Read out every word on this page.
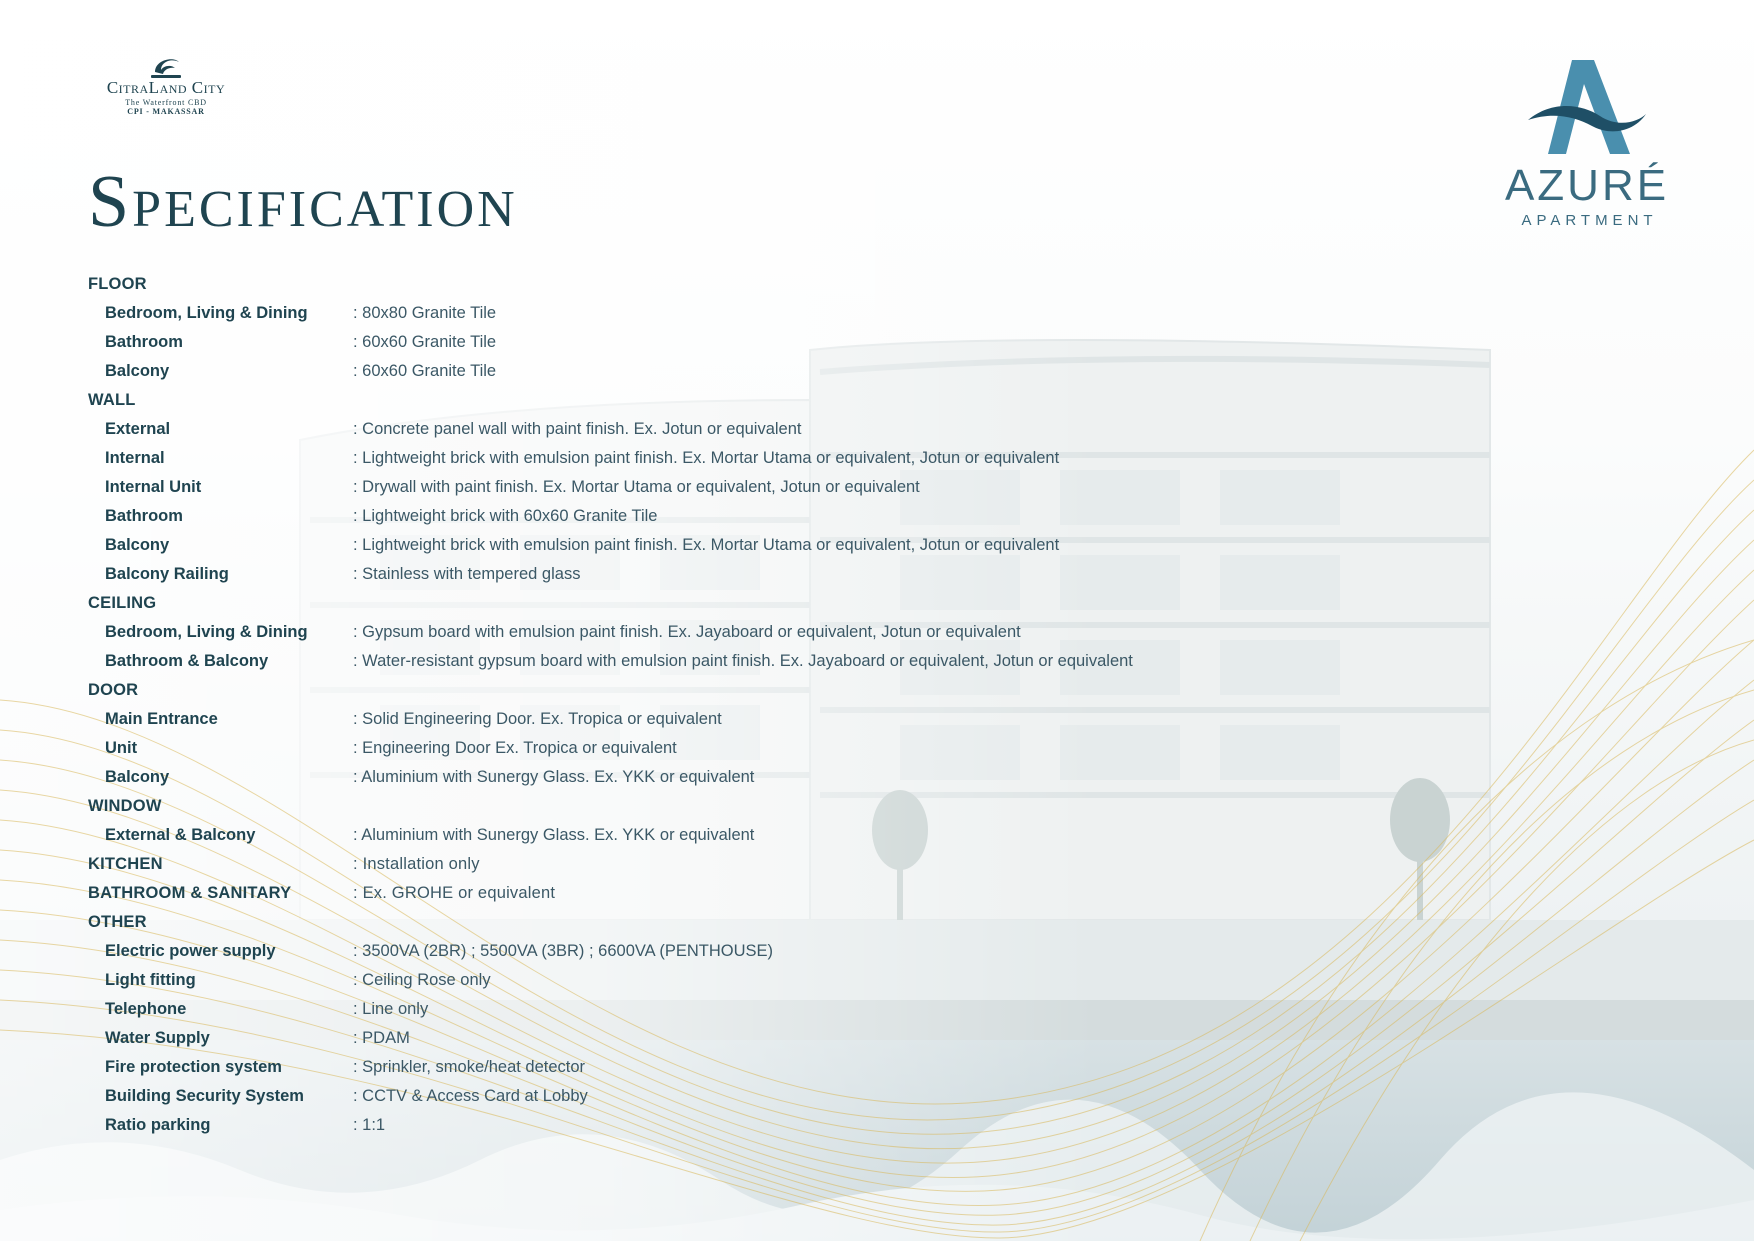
CitraLand City
The Waterfront CBD
CPI - MAKASSAR
AZURÉ
APARTMENT
Specification
FLOOR
Bedroom, Living & Dining	: 80x80 Granite Tile
Bathroom	: 60x60 Granite Tile
Balcony	: 60x60 Granite Tile
WALL
External	: Concrete panel wall with paint finish. Ex. Jotun or equivalent
Internal	: Lightweight brick with emulsion paint finish. Ex. Mortar Utama or equivalent, Jotun or equivalent
Internal Unit	: Drywall with paint finish. Ex. Mortar Utama or equivalent, Jotun or equivalent
Bathroom	: Lightweight brick with 60x60 Granite Tile
Balcony	: Lightweight brick with emulsion paint finish. Ex. Mortar Utama or equivalent, Jotun or equivalent
Balcony Railing	: Stainless with tempered glass
CEILING
Bedroom, Living & Dining	: Gypsum board with emulsion paint finish. Ex. Jayaboard or equivalent, Jotun or equivalent
Bathroom & Balcony	: Water-resistant gypsum board with emulsion paint finish. Ex. Jayaboard or equivalent, Jotun or equivalent
DOOR
Main Entrance	: Solid Engineering Door. Ex. Tropica or equivalent
Unit	: Engineering Door Ex. Tropica or equivalent
Balcony	: Aluminium with Sunergy Glass. Ex. YKK or equivalent
WINDOW
External & Balcony	: Aluminium with Sunergy Glass. Ex. YKK or equivalent
KITCHEN	: Installation only
BATHROOM & SANITARY	: Ex. GROHE or equivalent
OTHER
Electric power supply	: 3500VA (2BR) ; 5500VA (3BR) ; 6600VA (PENTHOUSE)
Light fitting	: Ceiling Rose only
Telephone	: Line only
Water Supply	: PDAM
Fire protection system	: Sprinkler, smoke/heat detector
Building Security System	: CCTV & Access Card at Lobby
Ratio parking	: 1:1
